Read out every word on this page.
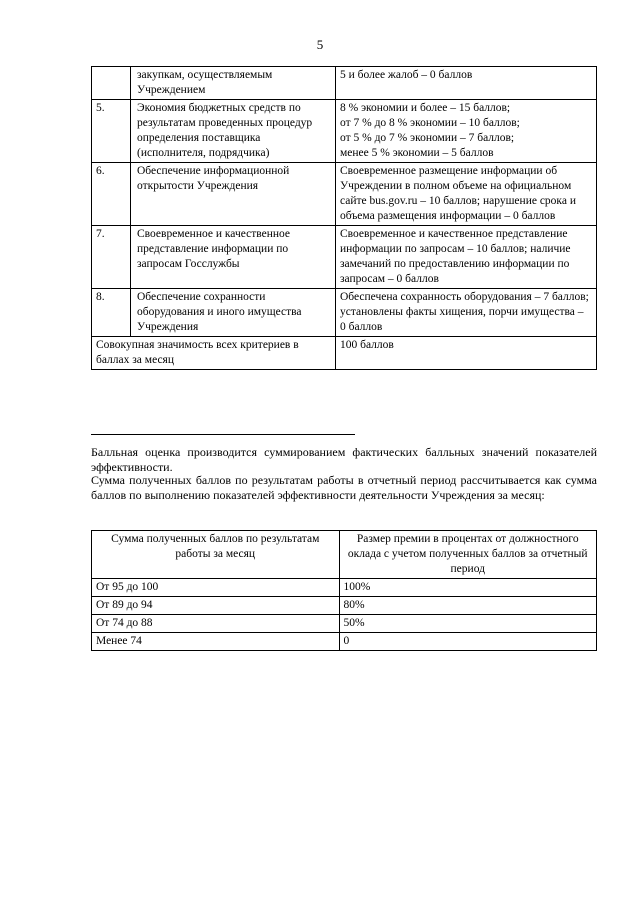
5
	закупкам, осуществляемым Учреждением	5 и более жалоб – 0 баллов
5.	Экономия бюджетных средств по результатам проведенных процедур определения поставщика (исполнителя, подрядчика)	8 % экономии и более – 15 баллов;
от 7 % до 8 % экономии – 10 баллов;
от 5 % до 7 % экономии – 7 баллов;
менее 5 % экономии – 5 баллов

6.	Обеспечение информационной открытости Учреждения	Своевременное размещение информации об Учреждении в полном объеме на официальном сайте bus.gov.ru – 10 баллов; нарушение срока и объема размещения информации – 0 баллов
7.	Своевременное и качественное представление информации по запросам Госслужбы	Своевременное и качественное представление информации по запросам – 10 баллов; наличие замечаний по предоставлению информации по запросам – 0 баллов
8.	Обеспечение сохранности оборудования и иного имущества Учреждения	Обеспечена сохранность оборудования – 7 баллов;
установлены факты хищения, порчи имущества – 0 баллов

Совокупная значимость всех критериев в баллах за месяц		100 баллов
Балльная оценка производится суммированием фактических балльных значений показателей эффективности.
Сумма полученных баллов по результатам работы в отчетный период рассчитывается как сумма баллов по выполнению показателей эффективности деятельности Учреждения за месяц:
Сумма полученных баллов по результатам работы за месяц	Размер премии в процентах от должностного оклада с учетом полученных баллов за отчетный период
От 95 до 100	100%
От 89 до 94	80%
От 74 до 88	50%
Менее 74	0
